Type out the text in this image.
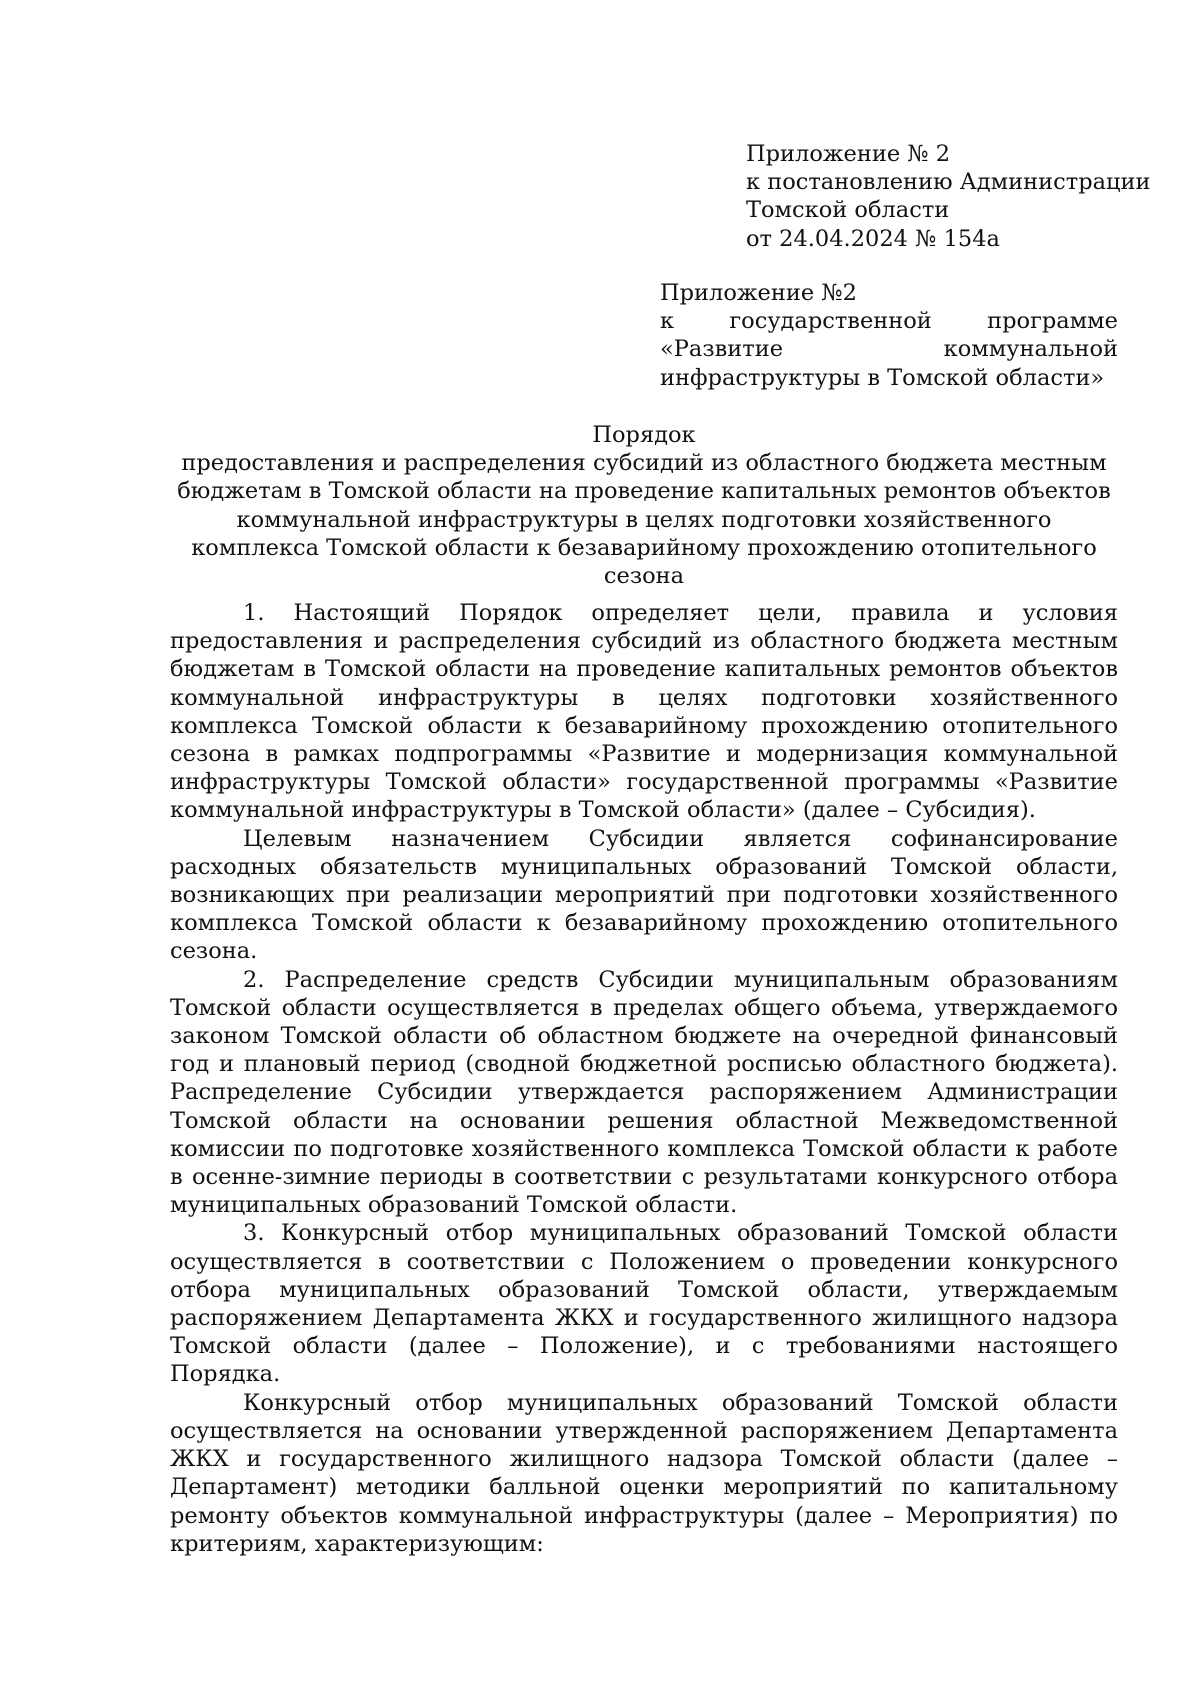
Приложение № 2
к постановлению Администрации
Томской области
от 24.04.2024 № 154а
Приложение №2
к государственной программе «Развитие коммунальной инфраструктуры в Томской области»
Порядок
предоставления и распределения субсидий из областного бюджета местным бюджетам в Томской области на проведение капитальных ремонтов объектов коммунальной инфраструктуры в целях подготовки хозяйственного комплекса Томской области к безаварийному прохождению отопительного сезона

1. Настоящий Порядок определяет цели, правила и условия предоставления и распределения субсидий из областного бюджета местным бюджетам в Томской области на проведение капитальных ремонтов объектов коммунальной инфраструктуры в целях подготовки хозяйственного комплекса Томской области к безаварийному прохождению отопительного сезона в рамках подпрограммы «Развитие и модернизация коммунальной инфраструктуры Томской области» государственной программы «Развитие коммунальной инфраструктуры в Томской области» (далее – Субсидия).

Целевым назначением Субсидии является софинансирование расходных обязательств муниципальных образований Томской области, возникающих при реализации мероприятий при подготовки хозяйственного комплекса Томской области к безаварийному прохождению отопительного сезона.

2. Распределение средств Субсидии муниципальным образованиям Томской области осуществляется в пределах общего объема, утверждаемого законом Томской области об областном бюджете на очередной финансовый год и плановый период (сводной бюджетной росписью областного бюджета). Распределение Субсидии утверждается распоряжением Администрации Томской области на основании решения областной Межведомственной комиссии по подготовке хозяйственного комплекса Томской области к работе в осенне-зимние периоды в соответствии с результатами конкурсного отбора муниципальных образований Томской области.

3. Конкурсный отбор муниципальных образований Томской области осуществляется в соответствии с Положением о проведении конкурсного отбора муниципальных образований Томской области, утверждаемым распоряжением Департамента ЖКХ и государственного жилищного надзора Томской области (далее – Положение), и с требованиями настоящего Порядка.

Конкурсный отбор муниципальных образований Томской области осуществляется на основании утвержденной распоряжением Департамента ЖКХ и государственного жилищного надзора Томской области (далее – Департамент) методики балльной оценки мероприятий по капитальному ремонту объектов коммунальной инфраструктуры (далее – Мероприятия) по критериям, характеризующим:
